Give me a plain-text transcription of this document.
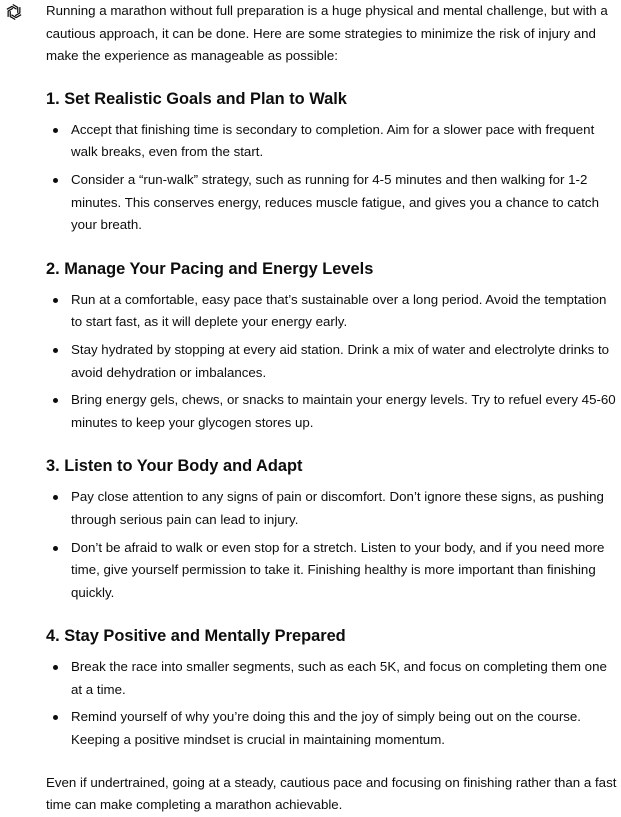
Running a marathon without full preparation is a huge physical and mental challenge, but with a cautious approach, it can be done. Here are some strategies to minimize the risk of injury and make the experience as manageable as possible:

1. Set Realistic Goals and Plan to Walk
Accept that finishing time is secondary to completion. Aim for a slower pace with frequent walk breaks, even from the start.
Consider a “run-walk” strategy, such as running for 4-5 minutes and then walking for 1-2 minutes. This conserves energy, reduces muscle fatigue, and gives you a chance to catch your breath.
2. Manage Your Pacing and Energy Levels
Run at a comfortable, easy pace that’s sustainable over a long period. Avoid the temptation to start fast, as it will deplete your energy early.
Stay hydrated by stopping at every aid station. Drink a mix of water and electrolyte drinks to avoid dehydration or imbalances.
Bring energy gels, chews, or snacks to maintain your energy levels. Try to refuel every 45-60 minutes to keep your glycogen stores up.
3. Listen to Your Body and Adapt
Pay close attention to any signs of pain or discomfort. Don’t ignore these signs, as pushing through serious pain can lead to injury.
Don’t be afraid to walk or even stop for a stretch. Listen to your body, and if you need more time, give yourself permission to take it. Finishing healthy is more important than finishing quickly.
4. Stay Positive and Mentally Prepared
Break the race into smaller segments, such as each 5K, and focus on completing them one at a time.
Remind yourself of why you’re doing this and the joy of simply being out on the course. Keeping a positive mindset is crucial in maintaining momentum.

Even if undertrained, going at a steady, cautious pace and focusing on finishing rather than a fast time can make completing a marathon achievable.
